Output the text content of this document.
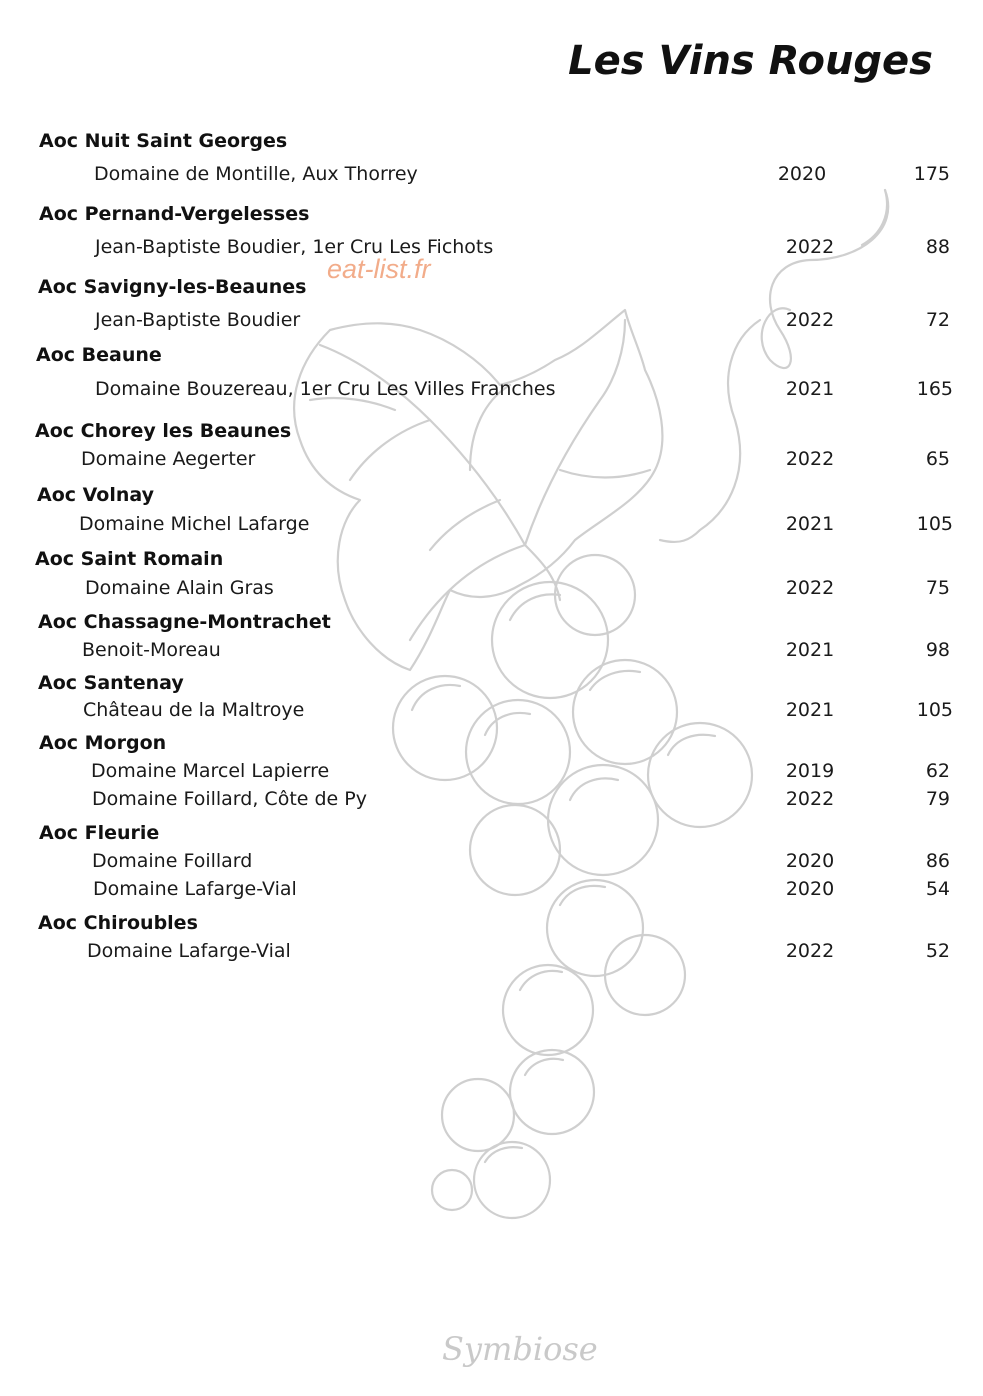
Les Vins Rouges
eat-list.fr
Aoc Nuit Saint Georges
Domaine de Montille, Aux Thorrey	2020	175
Aoc Pernand-Vergelesses
Jean-Baptiste Boudier, 1er Cru Les Fichots	2022	88
Aoc Savigny-les-Beaunes
Jean-Baptiste Boudier	2022	72
Aoc Beaune
Domaine Bouzereau, 1er Cru Les Villes Franches	2021	165
Aoc Chorey les Beaunes
Domaine Aegerter	2022	65
Aoc Volnay
Domaine Michel Lafarge	2021	105
Aoc Saint Romain
Domaine Alain Gras	2022	75
Aoc Chassagne-Montrachet
Benoit-Moreau	2021	98
Aoc Santenay
Château de la Maltroye	2021	105
Aoc Morgon
Domaine Marcel Lapierre	2019	62
Domaine Foillard, Côte de Py	2022	79
Aoc Fleurie
Domaine Foillard	2020	86
Domaine Lafarge-Vial	2020	54
Aoc Chiroubles
Domaine Lafarge-Vial	2022	52
Symbiose
